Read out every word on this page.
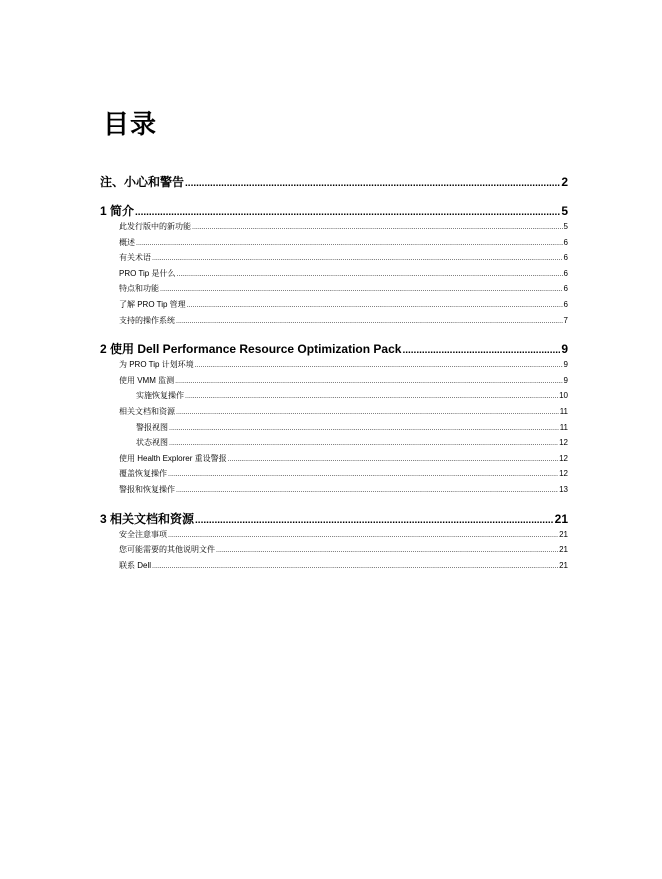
目录
注、小心和警告 .....	2
1 简介 .....	5
此发行版中的新功能 .....	5
概述 .....	6
有关术语 .....	6
PRO Tip 是什么 .....	6
特点和功能 .....	6
了解 PRO Tip 管理 .....	6
支持的操作系统 .....	7
2 使用 Dell Performance Resource Optimization Pack .....	9
为 PRO Tip 计划环境 .....	9
使用 VMM 监测 .....	9
实施恢复操作 .....	10
相关文档和资源 .....	11
警报视图 .....	11
状态视图 .....	12
使用 Health Explorer 重设警报 .....	12
覆盖恢复操作 .....	12
警报和恢复操作 .....	13
3 相关文档和资源 .....	21
安全注意事项 .....	21
您可能需要的其他说明文件 .....	21
联系 Dell .....	21
